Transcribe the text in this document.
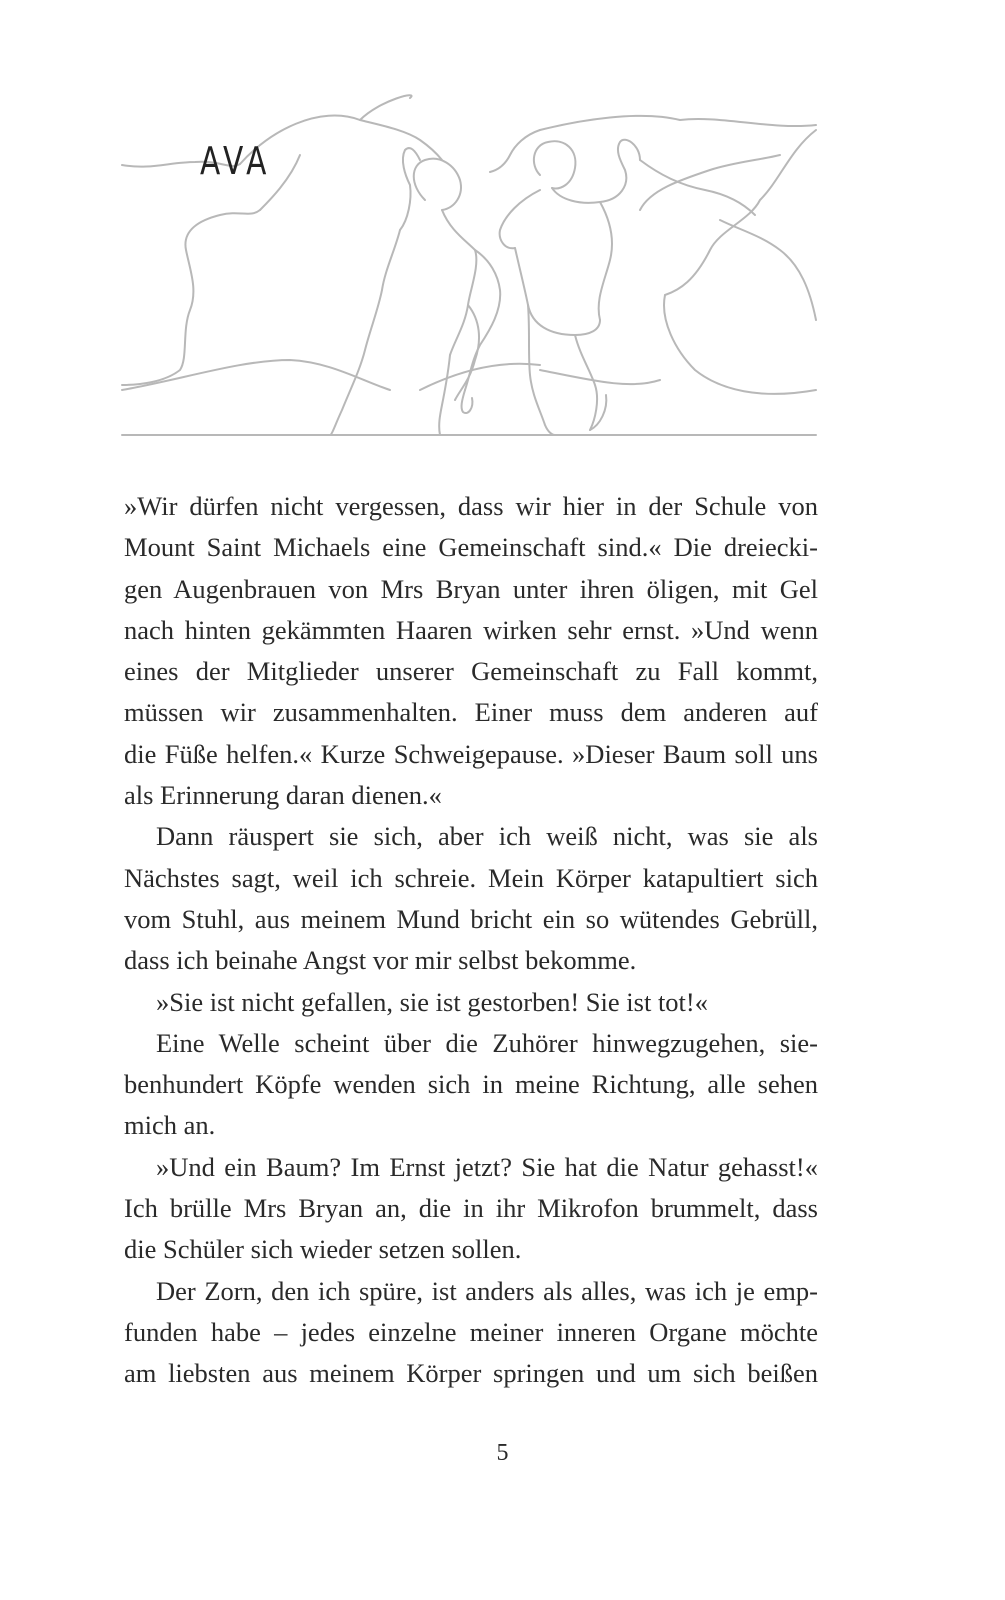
AVA
»Wir dürfen nicht vergessen, dass wir hier in der Schule von
Mount Saint Michaels eine Gemeinschaft sind.« Die dreiecki-
gen Augenbrauen von Mrs Bryan unter ihren öligen, mit Gel
nach hinten gekämmten Haaren wirken sehr ernst. »Und wenn
eines der Mitglieder unserer Gemeinschaft zu Fall kommt,
müssen wir zusammenhalten. Einer muss dem anderen auf
die Füße helfen.« Kurze Schweigepause. »Dieser Baum soll uns
als Erinnerung daran dienen.«
Dann räuspert sie sich, aber ich weiß nicht, was sie als
Nächstes sagt, weil ich schreie. Mein Körper katapultiert sich
vom Stuhl, aus meinem Mund bricht ein so wütendes Gebrüll,
dass ich beinahe Angst vor mir selbst bekomme.
»Sie ist nicht gefallen, sie ist gestorben! Sie ist tot!«
Eine Welle scheint über die Zuhörer hinwegzugehen, sie-
benhundert Köpfe wenden sich in meine Richtung, alle sehen
mich an.
»Und ein Baum? Im Ernst jetzt? Sie hat die Natur gehasst!«
Ich brülle Mrs Bryan an, die in ihr Mikrofon brummelt, dass
die Schüler sich wieder setzen sollen.
Der Zorn, den ich spüre, ist anders als alles, was ich je emp-
funden habe – jedes einzelne meiner inneren Organe möchte
am liebsten aus meinem Körper springen und um sich beißen
5
